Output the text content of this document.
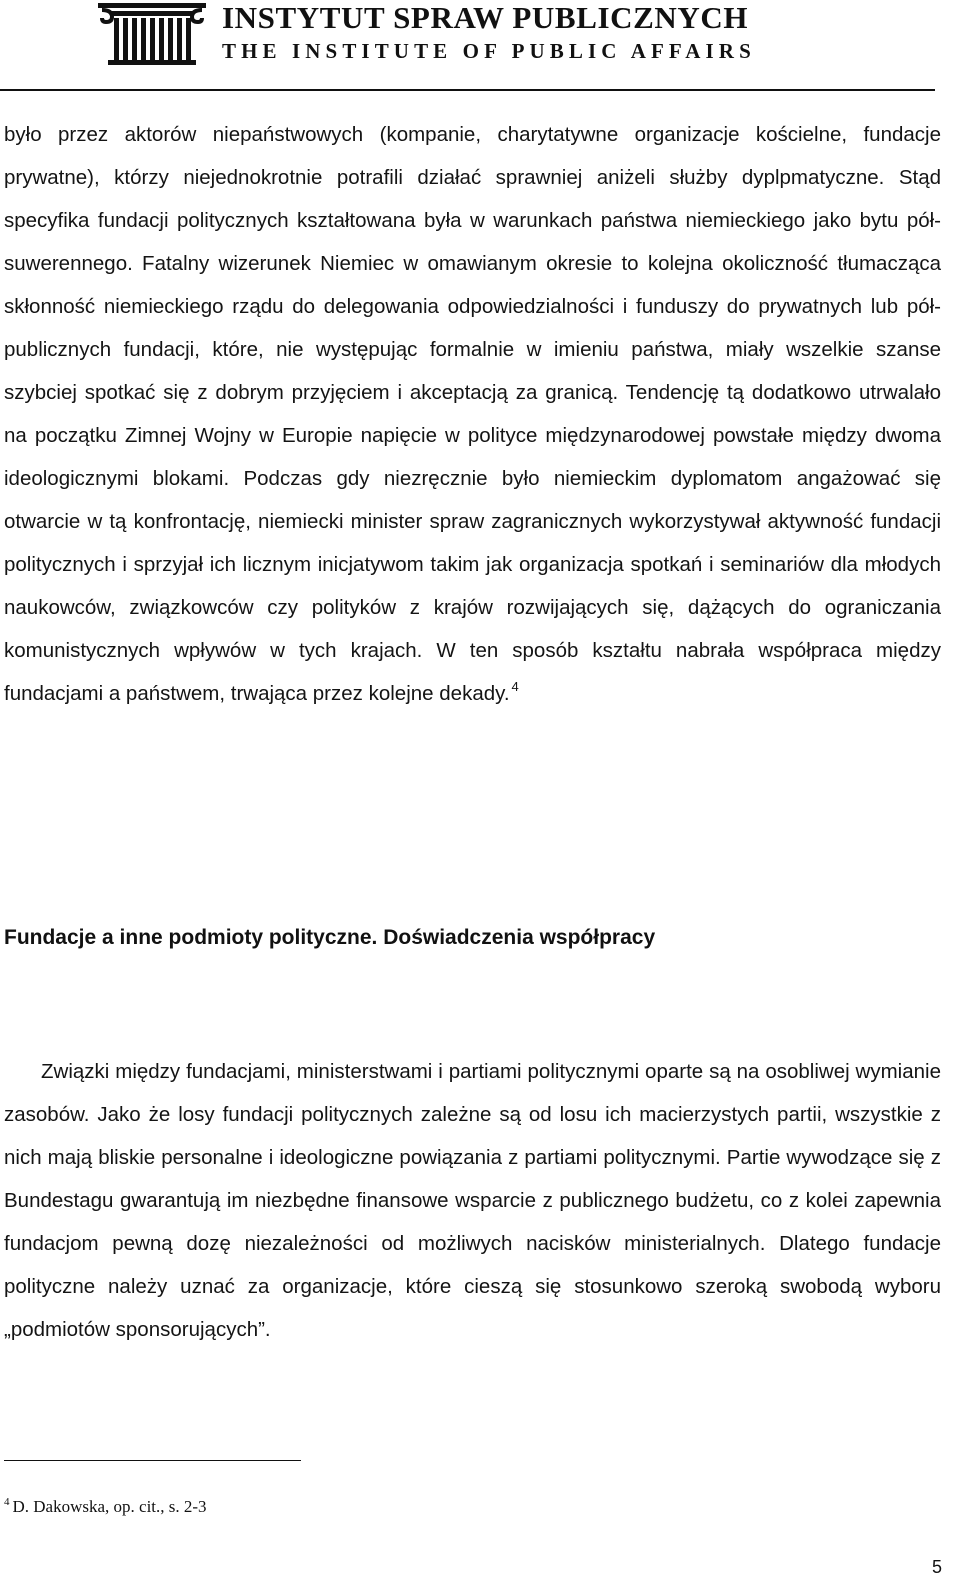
INSTYTUT SPRAW PUBLICZNYCH
THE INSTITUTE OF PUBLIC AFFAIRS
było przez aktorów niepaństwowych (kompanie, charytatywne organizacje kościelne, fundacje prywatne), którzy niejednokrotnie potrafili działać sprawniej aniżeli służby dyplpmatyczne. Stąd specyfika fundacji politycznych kształtowana była w warunkach państwa niemieckiego jako bytu pół-suwerennego. Fatalny wizerunek Niemiec w omawianym okresie to kolejna okoliczność tłumacząca skłonność niemieckiego rządu do delegowania odpowiedzialności i funduszy do prywatnych lub pół-publicznych fundacji, które, nie występując formalnie w imieniu państwa, miały wszelkie szanse szybciej spotkać się z dobrym przyjęciem i akceptacją za granicą. Tendencję tą dodatkowo utrwalało na początku Zimnej Wojny w Europie napięcie w polityce międzynarodowej powstałe między dwoma ideologicznymi blokami. Podczas gdy niezręcznie było niemieckim dyplomatom angażować się otwarcie w tą konfrontację, niemiecki minister spraw zagranicznych wykorzystywał aktywność fundacji politycznych i sprzyjał ich licznym inicjatywom takim jak organizacja spotkań i seminariów dla młodych naukowców, związkowców czy polityków z krajów rozwijających się, dążących do ograniczania komunistycznych wpływów w tych krajach. W ten sposób kształtu nabrała współpraca między fundacjami a państwem, trwająca przez kolejne dekady. $^4$
Fundacje a inne podmioty polityczne. Doświadczenia współpracy
Związki między fundacjami, ministerstwami i partiami politycznymi oparte są na osobliwej wymianie zasobów. Jako że losy fundacji politycznych zależne są od losu ich macierzystych partii, wszystkie z nich mają bliskie personalne i ideologiczne powiązania z partiami politycznymi. Partie wywodzące się z Bundestagu gwarantują im niezbędne finansowe wsparcie z publicznego budżetu, co z kolei zapewnia fundacjom pewną dozę niezależności od możliwych nacisków ministerialnych. Dlatego fundacje polityczne należy uznać za organizacje, które cieszą się stosunkowo szeroką swobodą wyboru „podmiotów sponsorujących”.
$^4$ D. Dakowska, op. cit., s. 2-3
5
